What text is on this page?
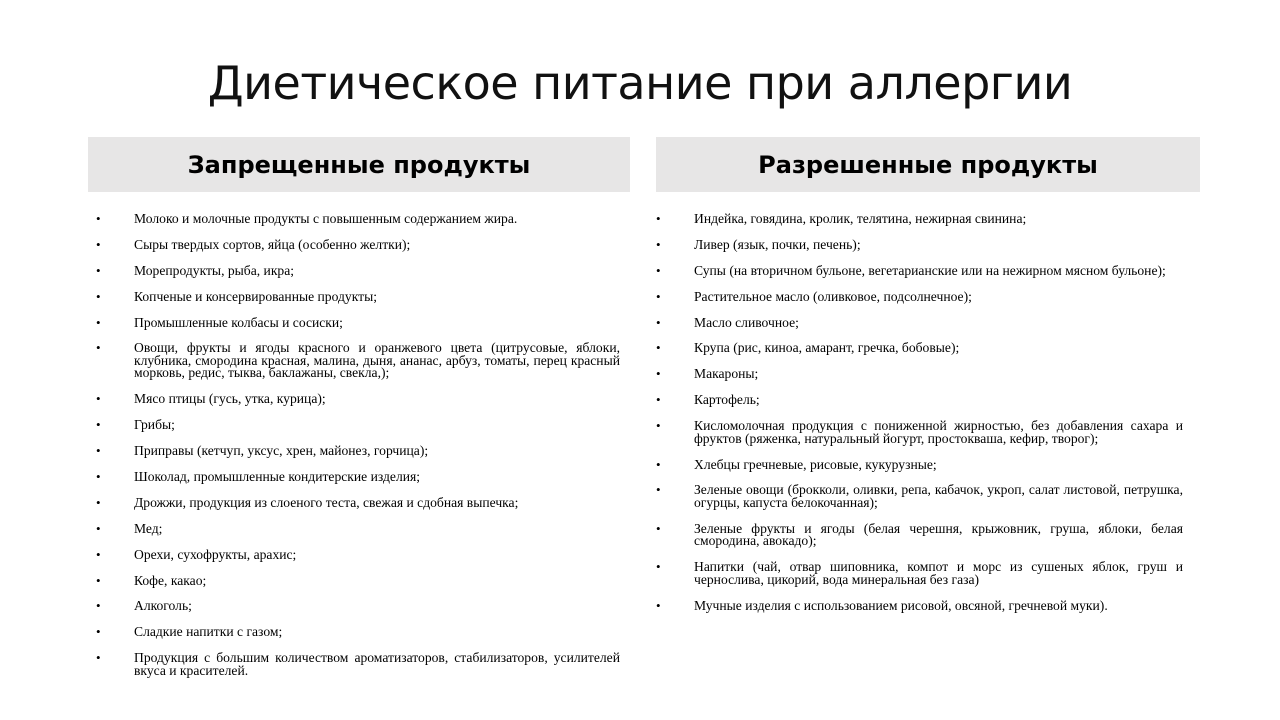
Диетическое питание при аллергии
Запрещенные продукты
• Молоко и молочные продукты с повышенным содержанием жира.
• Сыры твердых сортов, яйца (особенно желтки);
• Морепродукты, рыба, икра;
• Копченые и консервированные продукты;
• Промышленные колбасы и сосиски;
• Овощи, фрукты и ягоды красного и оранжевого цвета (цитрусовые, яблоки, клубника, смородина красная, малина, дыня, ананас, арбуз, томаты, перец красный морковь, редис, тыква, баклажаны, свекла,);
• Мясо птицы (гусь, утка, курица);
• Грибы;
• Приправы (кетчуп, уксус, хрен, майонез, горчица);
• Шоколад, промышленные кондитерские изделия;
• Дрожжи, продукция из слоеного теста, свежая и сдобная выпечка;
• Мед;
• Орехи, сухофрукты, арахис;
• Кофе, какао;
• Алкоголь;
• Сладкие напитки с газом;
• Продукция с большим количеством ароматизаторов, стабилизаторов, усилителей вкуса и красителей.
Разрешенные продукты
• Индейка, говядина, кролик, телятина, нежирная свинина;
• Ливер (язык, почки, печень);
• Супы (на вторичном бульоне, вегетарианские или на нежирном мясном бульоне);
• Растительное масло (оливковое, подсолнечное);
• Масло сливочное;
• Крупа (рис, киноа, амарант, гречка, бобовые);
• Макароны;
• Картофель;
• Кисломолочная продукция с пониженной жирностью, без добавления сахара и фруктов (ряженка, натуральный йогурт, простокваша, кефир, творог);
• Хлебцы гречневые, рисовые, кукурузные;
• Зеленые овощи (брокколи, оливки, репа, кабачок, укроп, салат листовой, петрушка, огурцы, капуста белокочанная);
• Зеленые фрукты и ягоды (белая черешня, крыжовник, груша, яблоки, белая смородина, авокадо);
• Напитки (чай, отвар шиповника, компот и морс из сушеных яблок, груш и чернослива, цикорий, вода минеральная без газа)
• Мучные изделия с использованием рисовой, овсяной, гречневой муки).
